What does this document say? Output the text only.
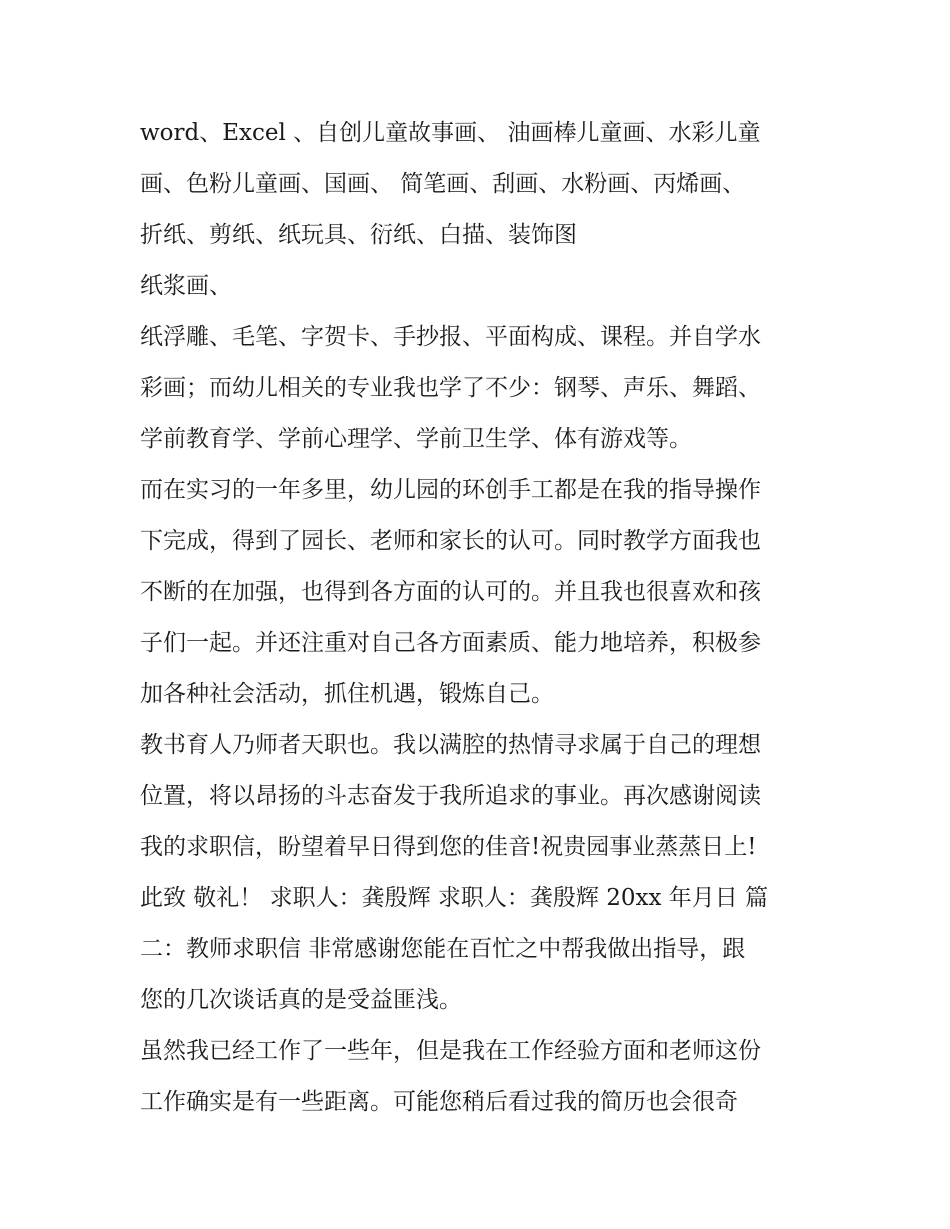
word、Excel 、自创儿童故事画、 油画棒儿童画、水彩儿童
画、色粉儿童画、国画、 简笔画、刮画、水粉画、丙烯画、
折纸、剪纸、纸玩具、衍纸、白描、装饰图
纸浆画、
纸浮雕、毛笔、字贺卡、手抄报、平面构成、课程。并自学水
彩画；而幼儿相关的专业我也学了不少：钢琴、声乐、舞蹈、
学前教育学、学前心理学、学前卫生学、体有游戏等。
而在实习的一年多里，幼儿园的环创手工都是在我的指导操作
下完成，得到了园长、老师和家长的认可。同时教学方面我也
不断的在加强，也得到各方面的认可的。并且我也很喜欢和孩
子们一起。并还注重对自己各方面素质、能力地培养，积极参
加各种社会活动，抓住机遇，锻炼自己。
教书育人乃师者天职也。我以满腔的热情寻求属于自己的理想
位置，将以昂扬的斗志奋发于我所追求的事业。再次感谢阅读
我的求职信，盼望着早日得到您的佳音!祝贵园事业蒸蒸日上!
此致 敬礼！ 求职人：龚殷辉 求职人：龚殷辉 20xx 年月日 篇
二：教师求职信 非常感谢您能在百忙之中帮我做出指导，跟
您的几次谈话真的是受益匪浅。
虽然我已经工作了一些年，但是我在工作经验方面和老师这份
工作确实是有一些距离。可能您稍后看过我的简历也会很奇
